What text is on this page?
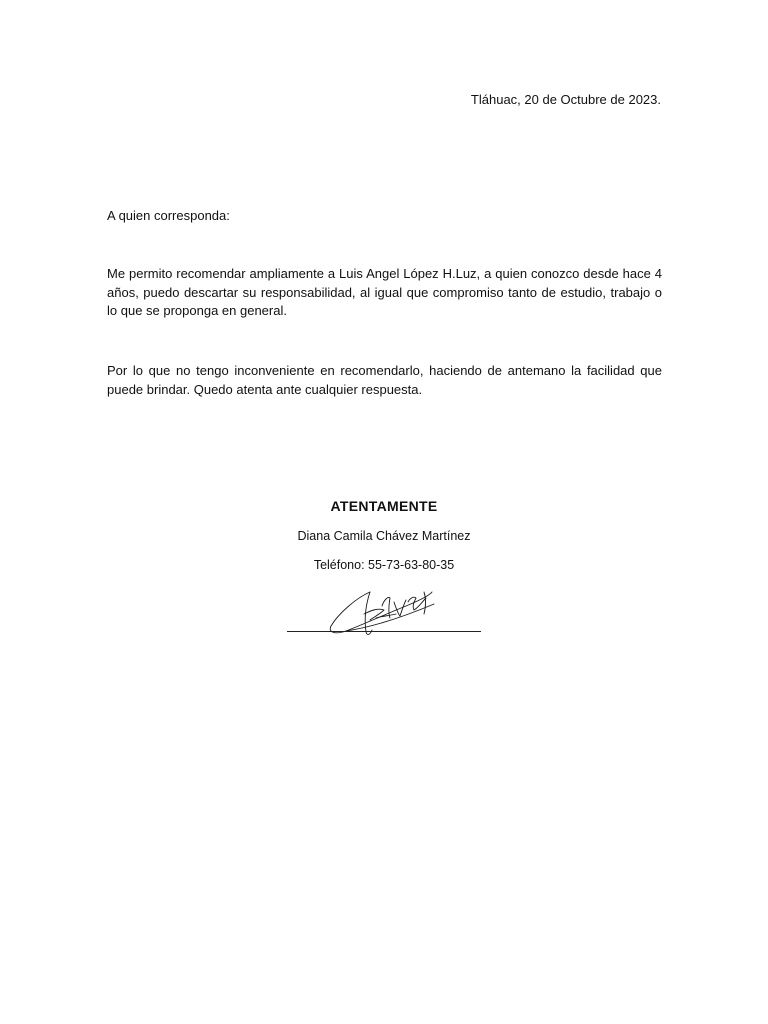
Tláhuac, 20 de Octubre de 2023.
A quien corresponda:
Me permito recomendar ampliamente a Luis Angel López H.Luz, a quien conozco desde hace 4 años, puedo descartar su responsabilidad, al igual que compromiso tanto de estudio, trabajo o lo que se proponga en general.
Por lo que no tengo inconveniente en recomendarlo, haciendo de antemano la facilidad que puede brindar. Quedo atenta ante cualquier respuesta.
ATENTAMENTE
Diana Camila Chávez Martínez
Teléfono: 55-73-63-80-35
